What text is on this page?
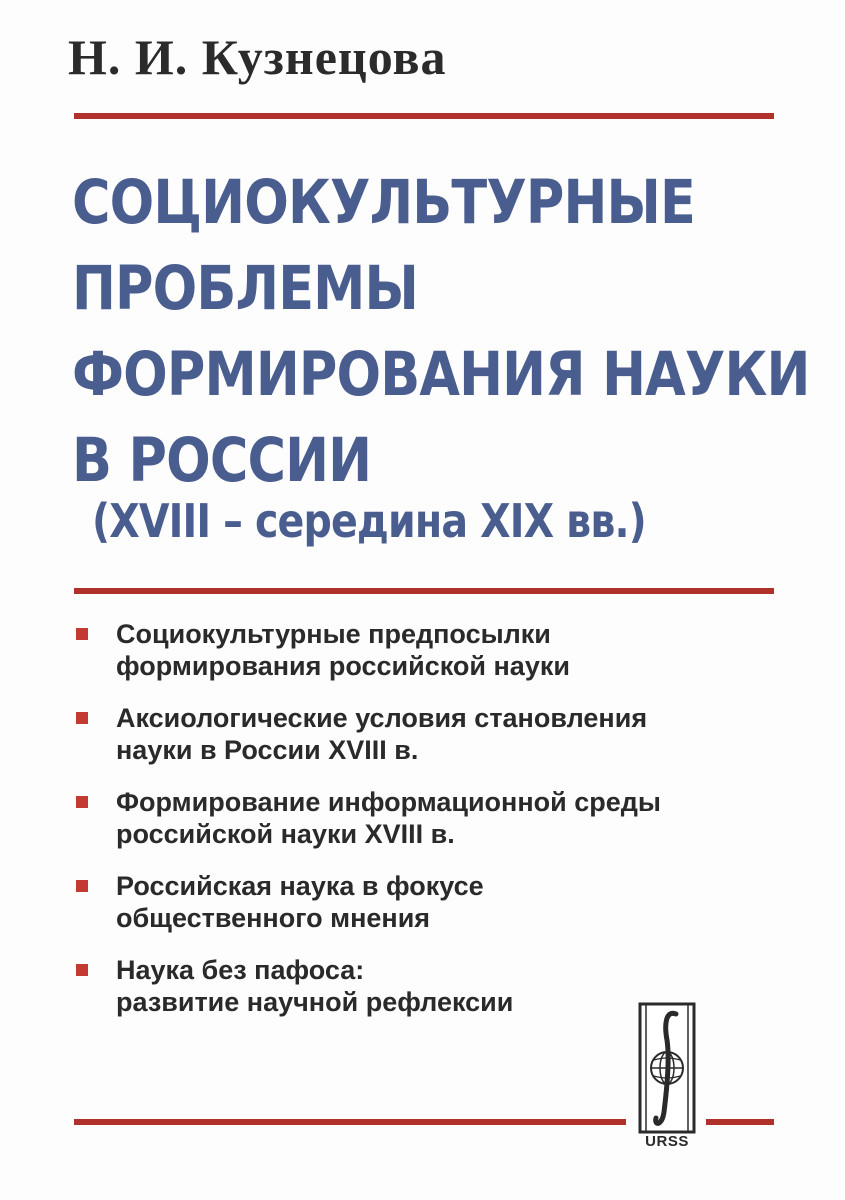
Н. И. Кузнецова
СОЦИОКУЛЬТУРНЫЕ
ПРОБЛЕМЫ
ФОРМИРОВАНИЯ НАУКИ
В РОССИИ
(XVIII – середина XIX вв.)
Социокультурные предпосылки
формирования российской науки
Аксиологические условия становления
науки в России XVIII в.
Формирование информационной среды
российской науки XVIII в.
Российская наука в фокусе
общественного мнения
Наука без пафоса:
развитие научной рефлексии
URSS
